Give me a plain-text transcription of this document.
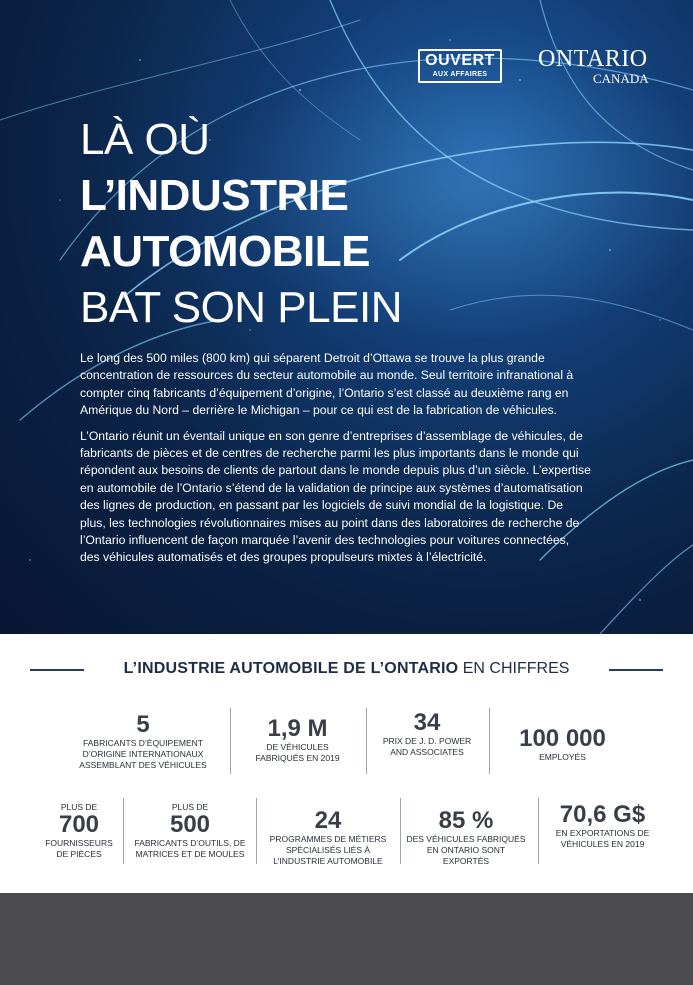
OUVERT
AUX AFFAIRES
ONTARIO
CANADA
LÀ OÙ
L’INDUSTRIE
AUTOMOBILE
BAT SON PLEIN

Le long des 500 miles (800 km) qui séparent Detroit d’Ottawa se trouve la plus grande concentration de ressources du secteur automobile au monde. Seul territoire infranational à compter cinq fabricants d’équipement d’origine, l’Ontario s’est classé au deuxième rang en Amérique du Nord – derrière le Michigan – pour ce qui est de la fabrication de véhicules.

L’Ontario réunit un éventail unique en son genre d’entreprises d’assemblage de véhicules, de fabricants de pièces et de centres de recherche parmi les plus importants dans le monde qui répondent aux besoins de clients de partout dans le monde depuis plus d’un siècle. L’expertise en automobile de l’Ontario s’étend de la validation de principe aux systèmes d’automatisation des lignes de production, en passant par les logiciels de suivi mondial de la logistique. De plus, les technologies révolutionnaires mises au point dans des laboratoires de recherche de l’Ontario influencent de façon marquée l’avenir des technologies pour voitures connectées, des véhicules automatisés et des groupes propulseurs mixtes à l’électricité.

L’INDUSTRIE AUTOMOBILE DE L’ONTARIO EN CHIFFRES
5
FABRICANTS D’ÉQUIPEMENT D’ORIGINE INTERNATIONAUX ASSEMBLANT DES VÉHICULES
1,9 M
DE VÉHICULES FABRIQUÉS EN 2019
34
PRIX DE J. D. POWER AND ASSOCIATES	100 000
EMPLOYÉS
PLUS DE
700
FOURNISSEURS DE PIÈCES
PLUS DE
500
FABRICANTS D’OUTILS, DE MATRICES ET DE MOULES
24
PROGRAMMES DE MÉTIERS SPÉCIALISÉS LIÉS À L’INDUSTRIE AUTOMOBILE
85 %
DES VÉHICULES FABRIQUÉS EN ONTARIO SONT EXPORTÉS
70,6 G$
EN EXPORTATIONS DE VÉHICULES EN 2019
